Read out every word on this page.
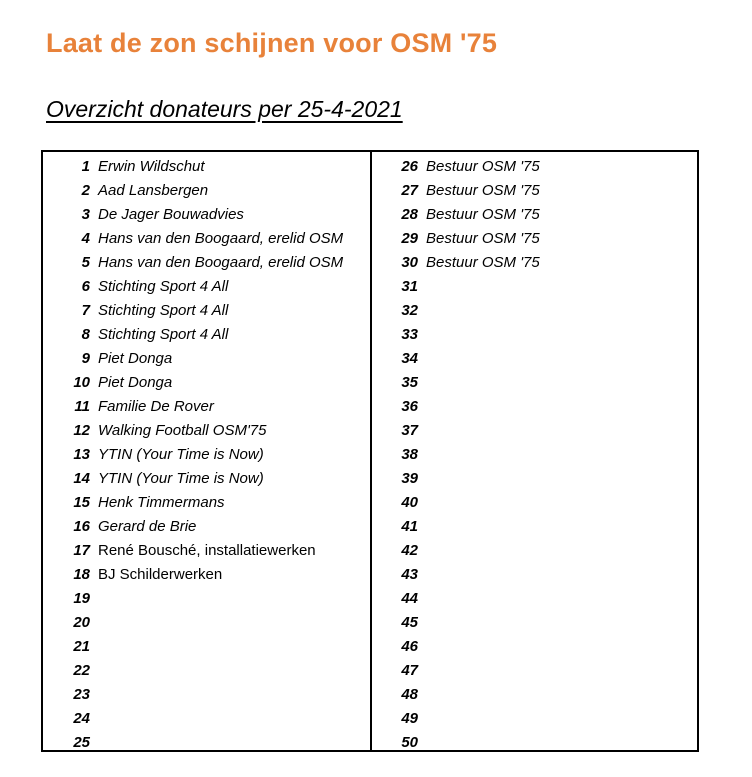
Laat de zon schijnen voor OSM '75
Overzicht donateurs per 25-4-2021
1 Erwin Wildschut
2 Aad Lansbergen
3 De Jager Bouwadvies
4 Hans van den Boogaard, erelid OSM
5 Hans van den Boogaard, erelid OSM
6 Stichting Sport 4 All
7 Stichting Sport 4 All
8 Stichting Sport 4 All
9 Piet Donga
10 Piet Donga
11 Familie De Rover
12 Walking Football OSM'75
13 YTIN (Your Time is Now)
14 YTIN (Your Time is Now)
15 Henk Timmermans
16 Gerard de Brie
17 René Bousché, installatiewerken
18 BJ Schilderwerken
19
20
21
22
23
24
25
26 Bestuur OSM '75
27 Bestuur OSM '75
28 Bestuur OSM '75
29 Bestuur OSM '75
30 Bestuur OSM '75
31
32
33
34
35
36
37
38
39
40
41
42
43
44
45
46
47
48
49
50
